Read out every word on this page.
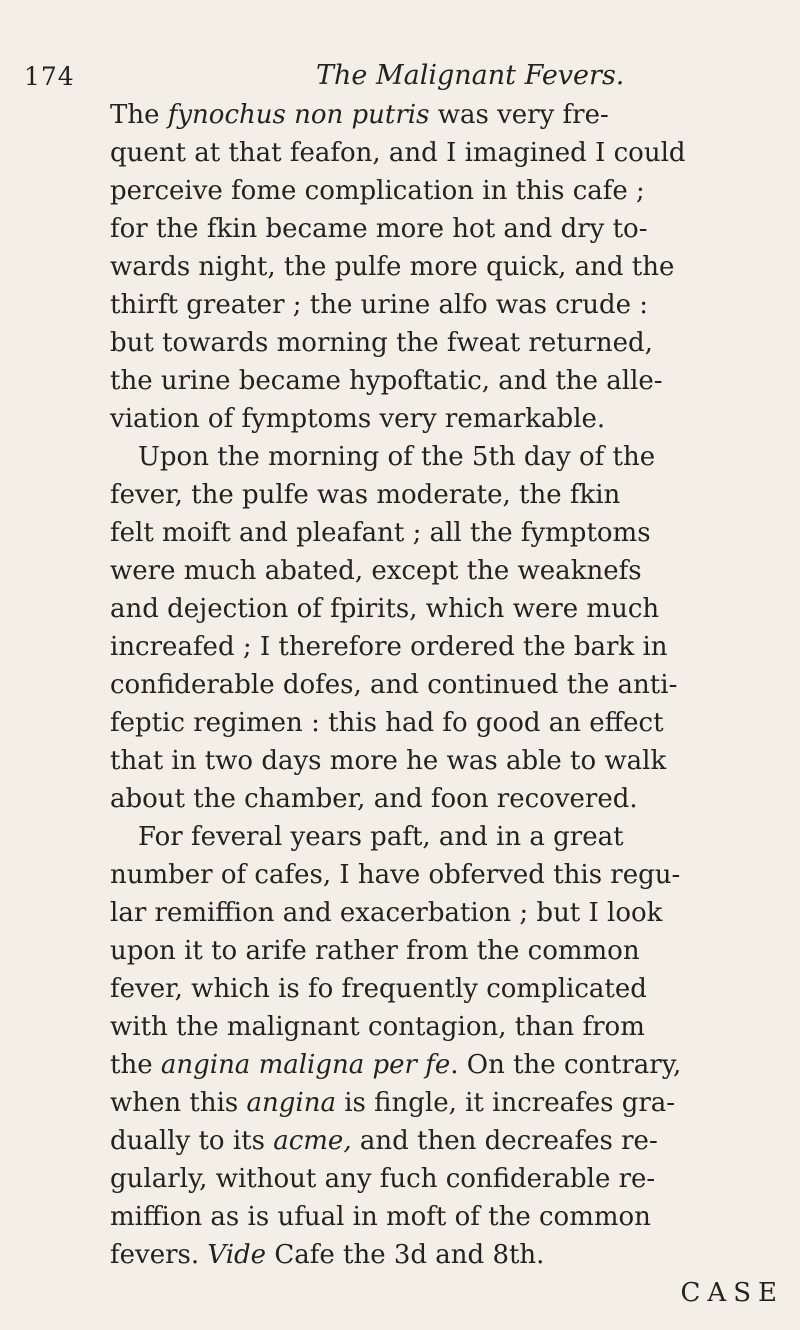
174	The Malignant Fevers.
The fynochus non putris was very fre-
quent at that feafon, and I imagined I could
perceive fome complication in this cafe ;
for the fkin became more hot and dry to-
wards night, the pulfe more quick, and the
thirft greater ; the urine alfo was crude :
but towards morning the fweat returned,
the urine became hypoftatic, and the alle-
viation of fymptoms very remarkable.
Upon the morning of the 5th day of the
fever, the pulfe was moderate, the fkin
felt moift and pleafant ; all the fymptoms
were much abated, except the weaknefs
and dejection of fpirits, which were much
increafed ; I therefore ordered the bark in
confiderable dofes, and continued the anti-
feptic regimen : this had fo good an effect
that in two days more he was able to walk
about the chamber, and foon recovered.
For feveral years paft, and in a great
number of cafes, I have obferved this regu-
lar remiffion and exacerbation ; but I look
upon it to arife rather from the common
fever, which is fo frequently complicated
with the malignant contagion, than from
the angina maligna per fe. On the contrary,
when this angina is fingle, it increafes gra-
dually to its acme, and then decreafes re-
gularly, without any fuch confiderable re-
miffion as is ufual in moft of the common
fevers. Vide Cafe the 3d and 8th.
CASE
